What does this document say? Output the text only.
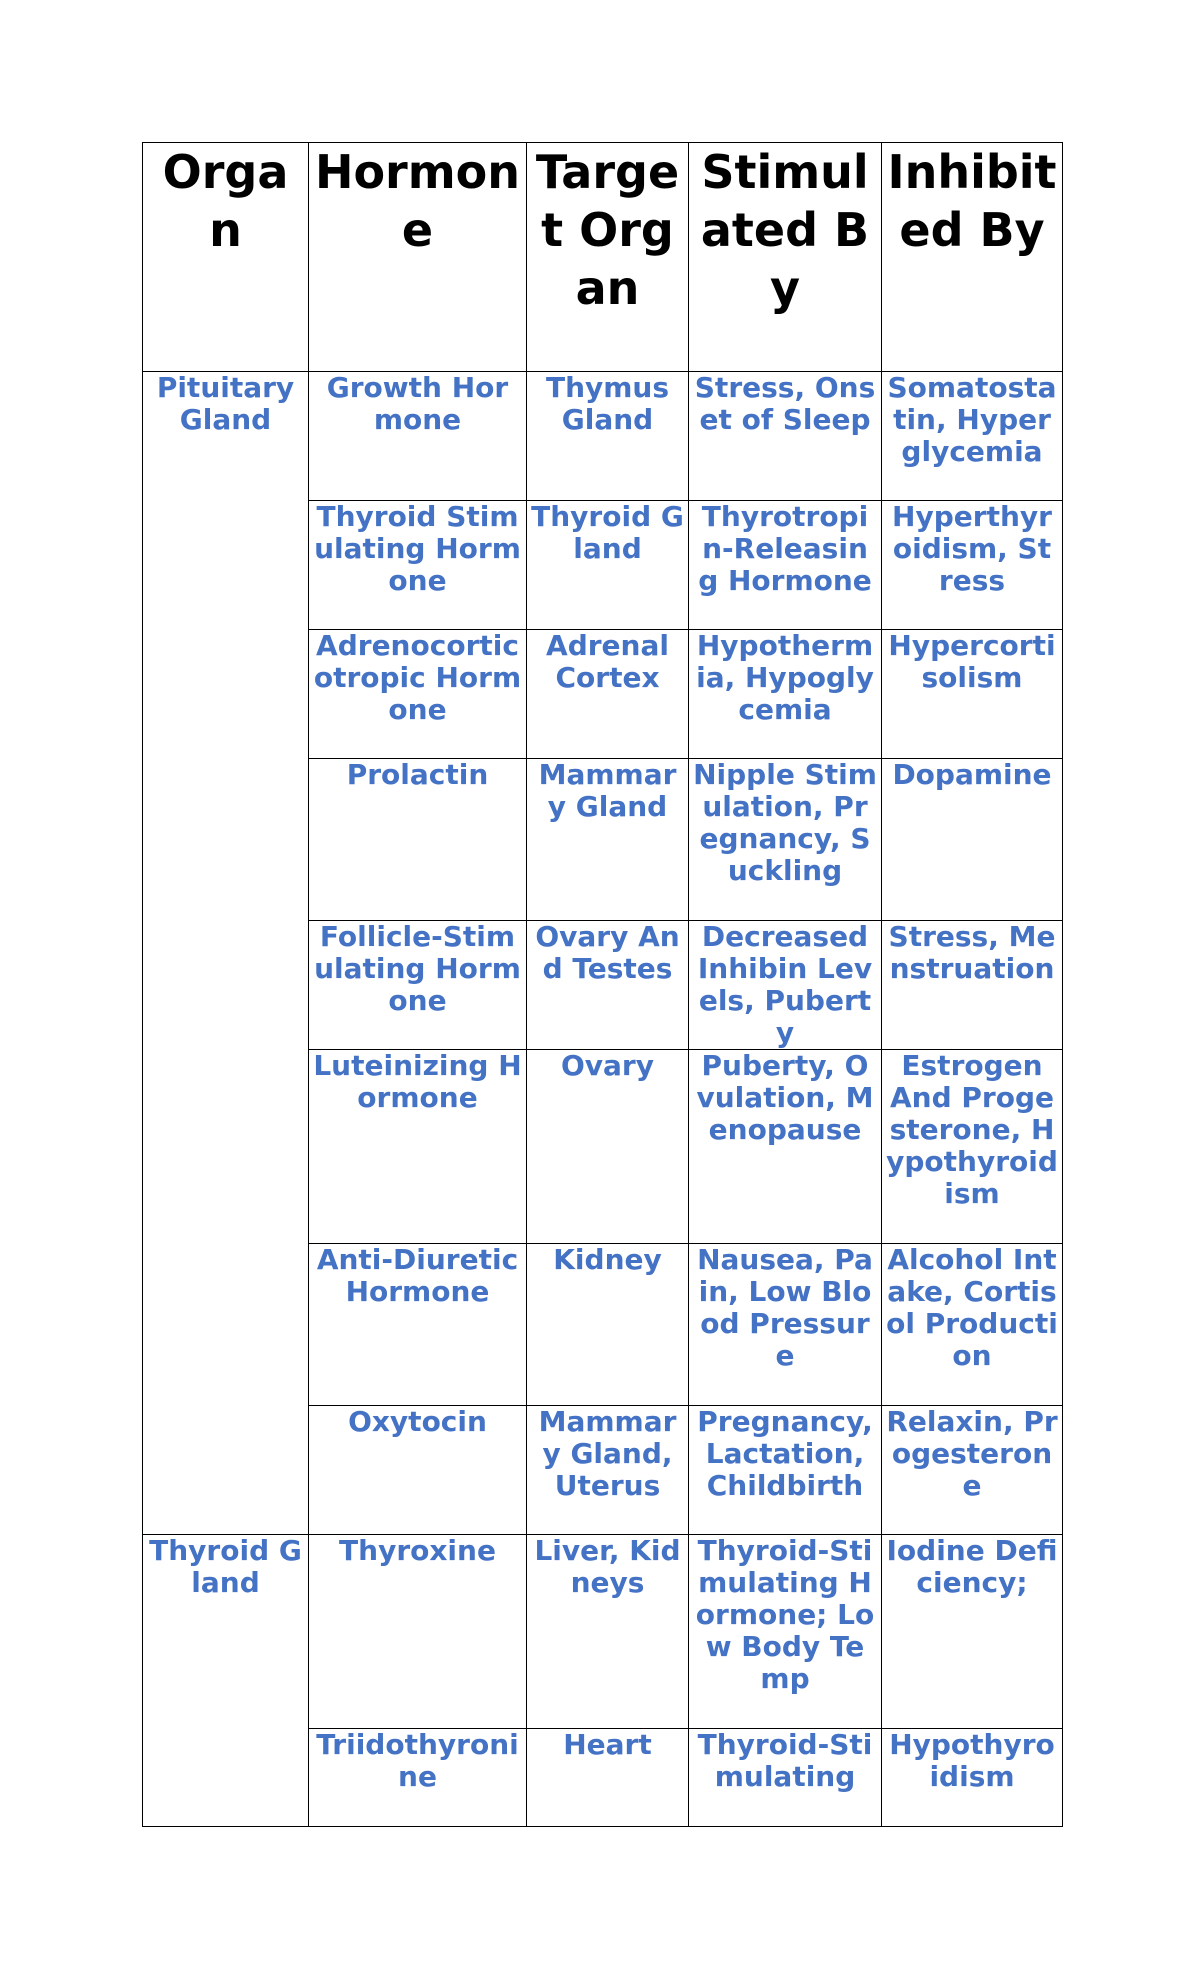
Organ	Hormone	Target Organ	Stimulated By	Inhibited By
Pituitary Gland	Growth Hormone	Thymus Gland	Stress, Onset of Sleep	Somatostatin, Hyperglycemia
	Thyroid Stimulating Hormone	Thyroid Gland	Thyrotropin-Releasing Hormone	Hyperthyroidism, Stress
	Adrenocorticotropic Hormone	Adrenal Cortex	Hypothermia, Hypoglycemia	Hypercortisolism
	Prolactin	Mammary Gland	Nipple Stimulation, Pregnancy, Suckling	Dopamine
	Follicle-Stimulating Hormone	Ovary And Testes	Decreased Inhibin Levels, Puberty	Stress, Menstruation
	Luteinizing Hormone	Ovary	Puberty, Ovulation, Menopause	Estrogen And Progesterone, Hypothyroidism
	Anti-Diuretic Hormone	Kidney	Nausea, Pain, Low Blood Pressure	Alcohol Intake, Cortisol Production
	Oxytocin	Mammary Gland, Uterus	Pregnancy, Lactation, Childbirth	Relaxin, Progesterone
Thyroid Gland	Thyroxine	Liver, Kidneys	Thyroid-Stimulating Hormone; Low Body Temp	Iodine Deficiency;
	Triidothyronine	Heart	Thyroid-Stimulating	Hypothyroidism
